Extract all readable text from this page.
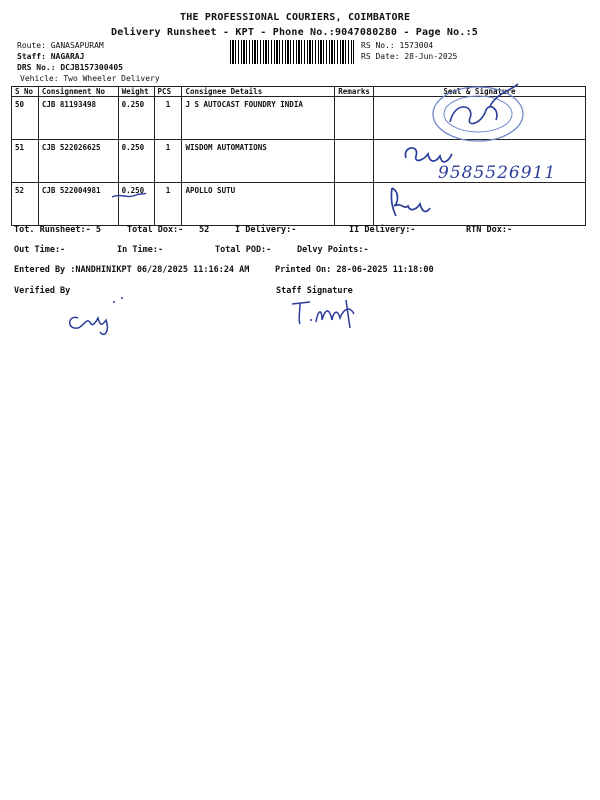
THE PROFESSIONAL COURIERS, COIMBATORE
Delivery Runsheet - KPT - Phone No.:9047080280 - Page No.:5
Route: GANASAPURAM
Staff: NAGARAJ
DRS No.: DCJB157300405
Vehicle: Two Wheeler Delivery
RS No.: 1573004
RS Date: 28-Jun-2025
S No	Consignment No	Weight	PCS	Consignee Details	Remarks	Seal & Signature
50	CJB 81193498	0.250	1	J S AUTOCAST FOUNDRY INDIA		
51	CJB 522026625	0.250	1	WISDOM AUTOMATIONS		
52	CJB 522004981	0.250	1	APOLLO SUTU		
9585526911
Tot. Runsheet:- 5	Total Dox:- 52	I Delivery:-	II Delivery:-	RTN Dox:-
Out Time:-	In Time:-	Total POD:-	Delvy Points:-
Entered By :NANDHINIKPT 06/28/2025 11:16:24 AM	Printed On: 28-06-2025 11:18:00
Verified By	Staff Signature
